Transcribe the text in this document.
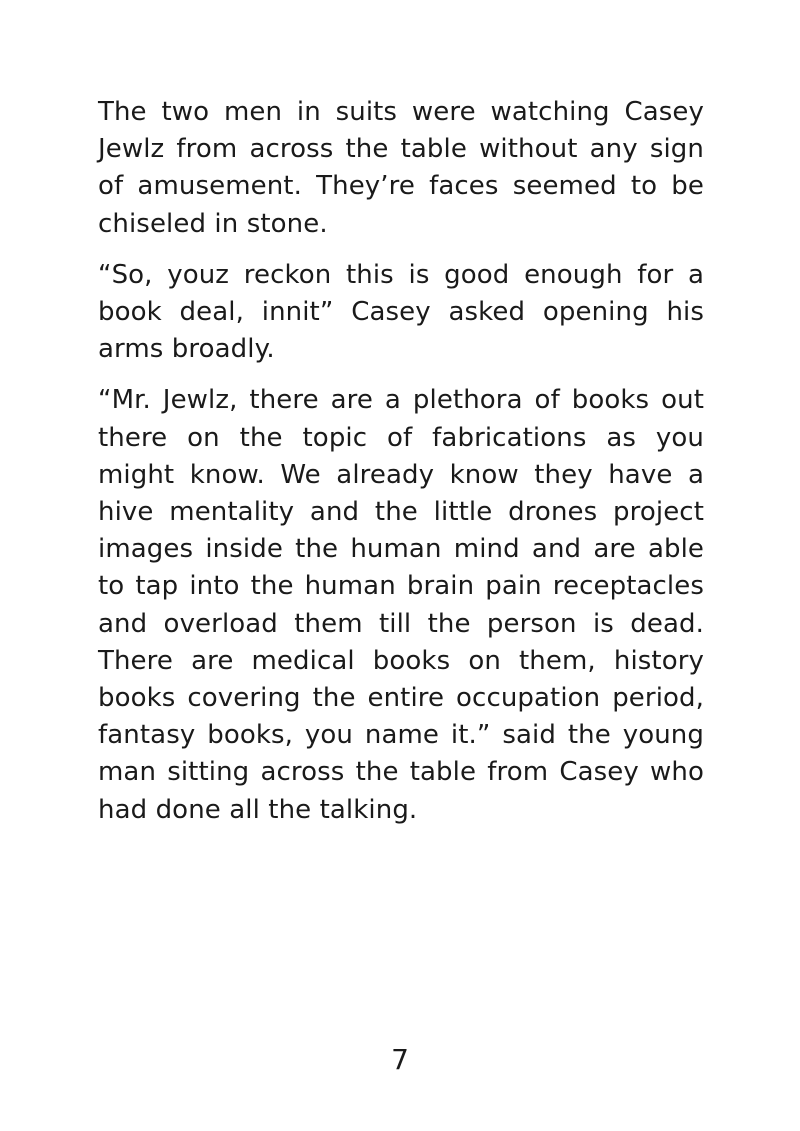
The two men in suits were watching Casey Jewlz from across the table without any sign of amusement. They’re faces seemed to be chiseled in stone.

“So, youz reckon this is good enough for a book deal, innit” Casey asked opening his arms broadly.

“Mr. Jewlz, there are a plethora of books out there on the topic of fabrications as you might know. We already know they have a hive mentality and the little drones project images inside the human mind and are able to tap into the human brain pain receptacles and overload them till the person is dead. There are medical books on them, history books covering the entire occupation period, fantasy books, you name it.” said the young man sitting across the table from Casey who had done all the talking.

7
